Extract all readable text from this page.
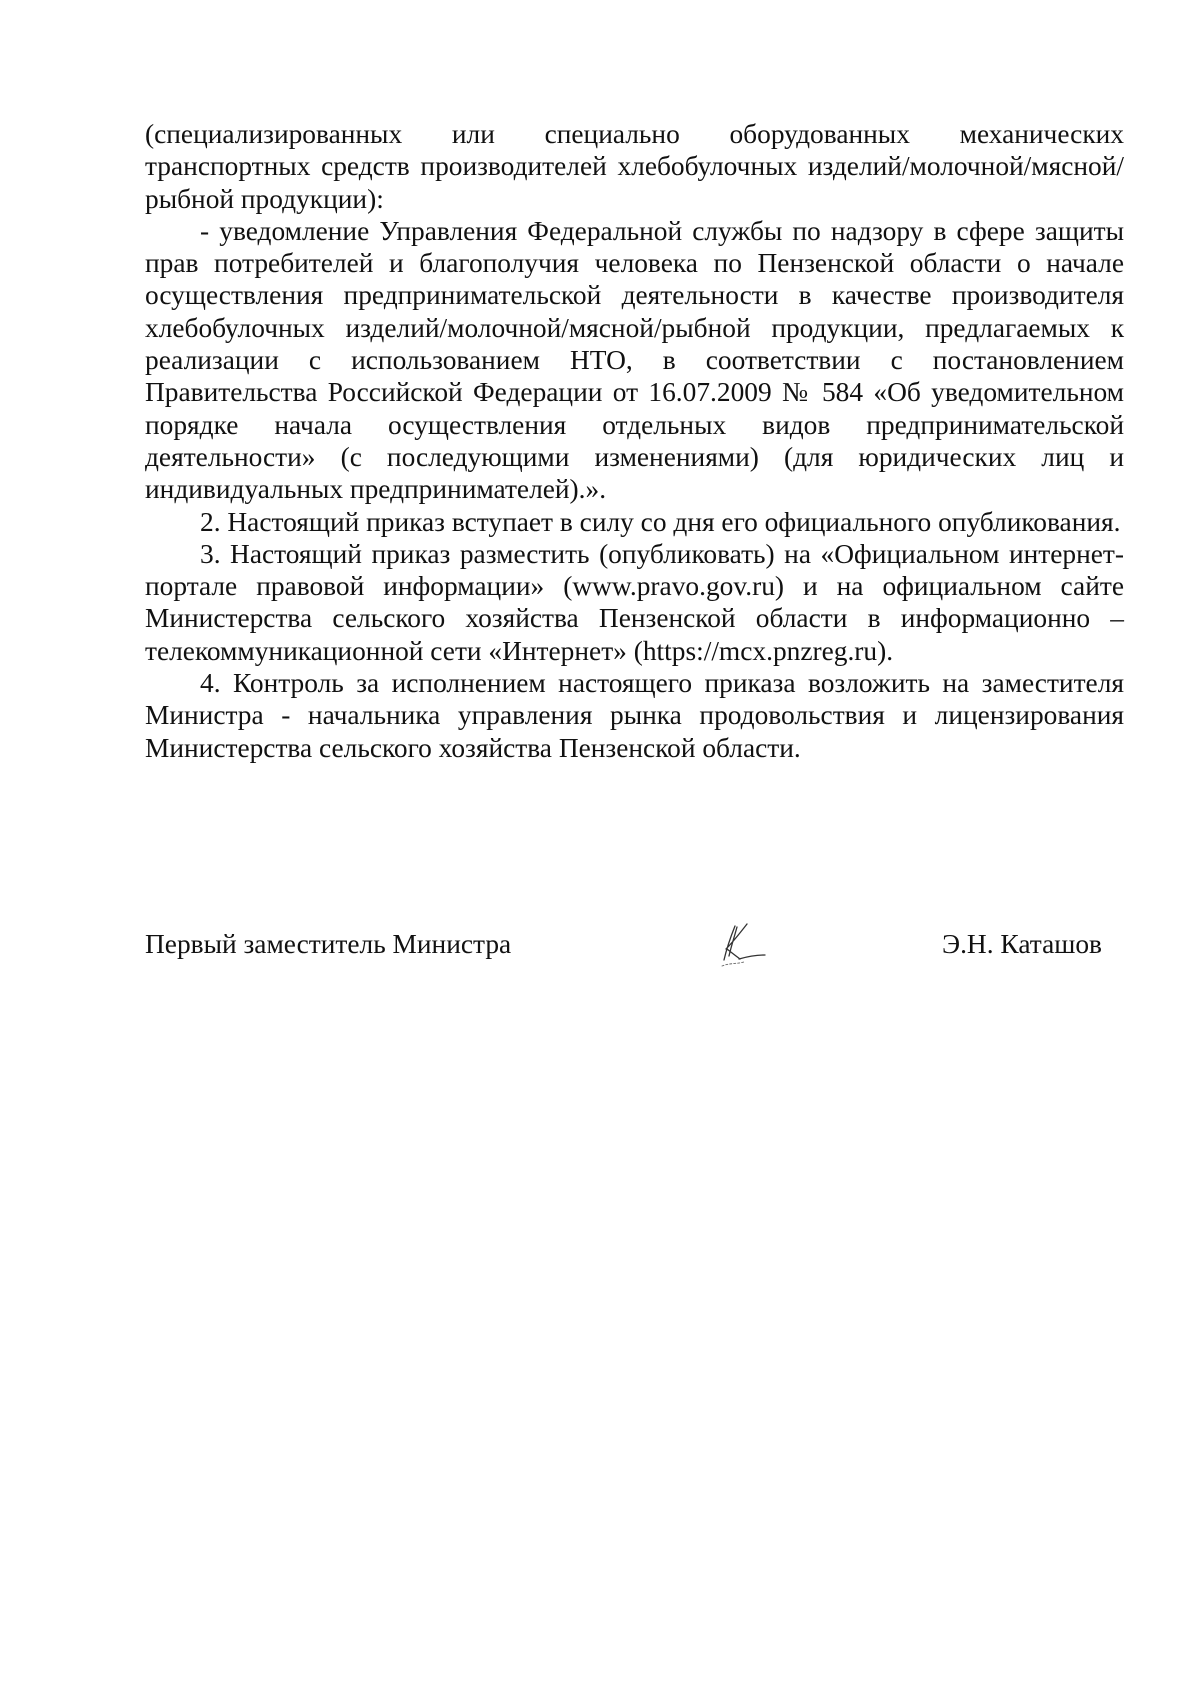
(специализированных или специально оборудованных механических транспортных средств производителей хлебобулочных изделий/молочной/мясной/рыбной продукции):

- уведомление Управления Федеральной службы по надзору в сфере защиты прав потребителей и благополучия человека по Пензенской области о начале осуществления предпринимательской деятельности в качестве производителя хлебобулочных изделий/молочной/мясной/рыбной продукции, предлагаемых к реализации с использованием НТО, в соответствии с постановлением Правительства Российской Федерации от 16.07.2009 № 584 «Об уведомительном порядке начала осуществления отдельных видов предпринимательской деятельности» (с последующими изменениями) (для юридических лиц и индивидуальных предпринимателей).».

2. Настоящий приказ вступает в силу со дня его официального опубликования.

3. Настоящий приказ разместить (опубликовать) на «Официальном интернет-портале правовой информации» (www.pravo.gov.ru) и на официальном сайте Министерства сельского хозяйства Пензенской области в информационно – телекоммуникационной сети «Интернет» (https://mcx.pnzreg.ru).

4. Контроль за исполнением настоящего приказа возложить на заместителя Министра - начальника управления рынка продовольствия и лицензирования Министерства сельского хозяйства Пензенской области.

Первый заместитель Министра	Э.Н. Каташов
